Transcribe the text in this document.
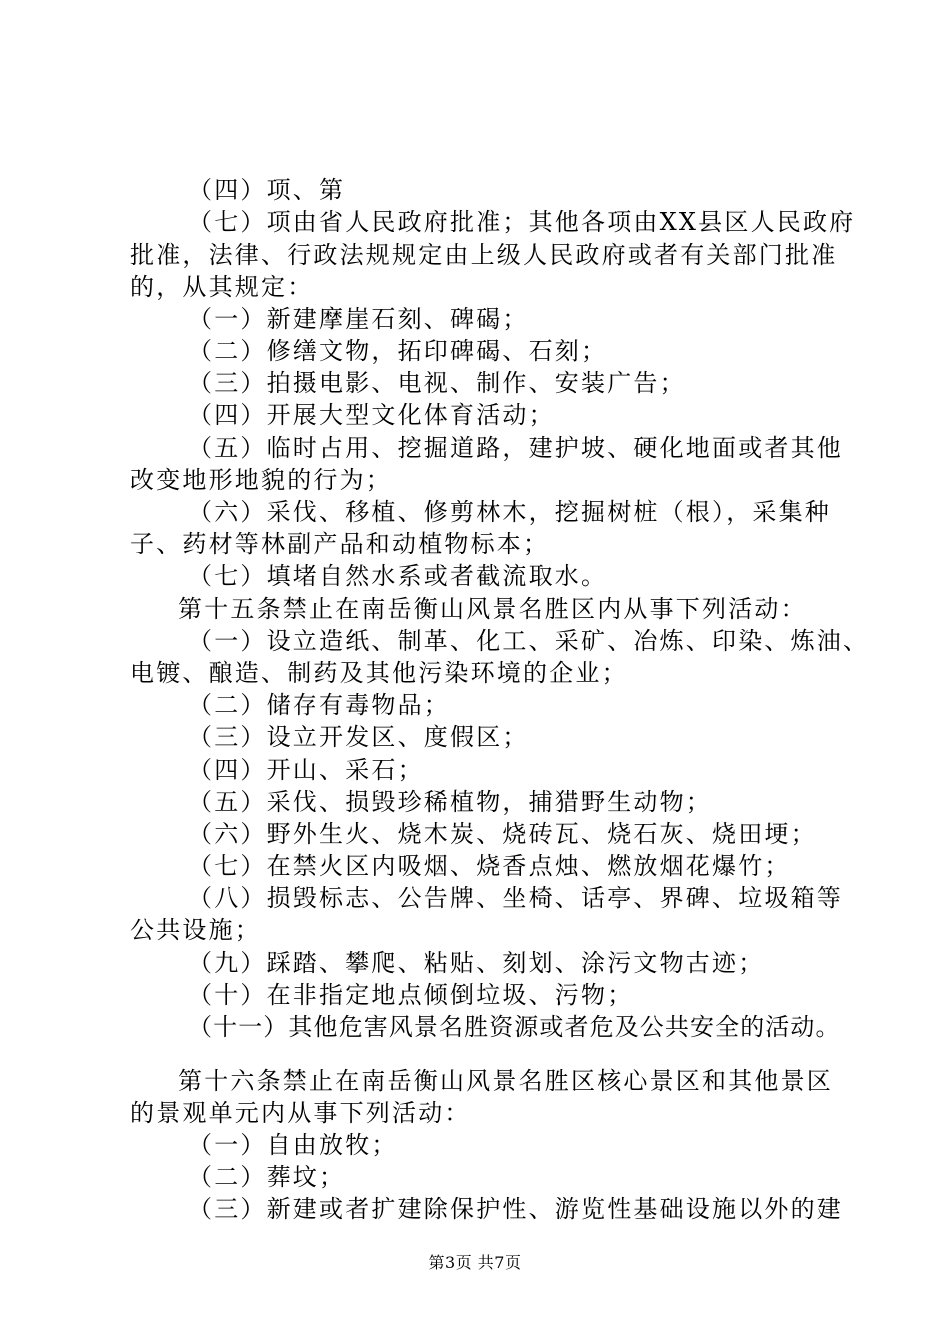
（四）项、第
（七）项由省人民政府批准；其他各项由XX县区人民政府
批准，法律、行政法规规定由上级人民政府或者有关部门批准
的，从其规定：
（一）新建摩崖石刻、碑碣；
（二）修缮文物，拓印碑碣、石刻；
（三）拍摄电影、电视、制作、安装广告；
（四）开展大型文化体育活动；
（五）临时占用、挖掘道路，建护坡、硬化地面或者其他
改变地形地貌的行为；
（六）采伐、移植、修剪林木，挖掘树桩（根），采集种
子、药材等林副产品和动植物标本；
（七）填堵自然水系或者截流取水。
第十五条禁止在南岳衡山风景名胜区内从事下列活动：
（一）设立造纸、制革、化工、采矿、冶炼、印染、炼油、
电镀、酿造、制药及其他污染环境的企业；
（二）储存有毒物品；
（三）设立开发区、度假区；
（四）开山、采石；
（五）采伐、损毁珍稀植物，捕猎野生动物；
（六）野外生火、烧木炭、烧砖瓦、烧石灰、烧田埂；
（七）在禁火区内吸烟、烧香点烛、燃放烟花爆竹；
（八）损毁标志、公告牌、坐椅、话亭、界碑、垃圾箱等
公共设施；
（九）踩踏、攀爬、粘贴、刻划、涂污文物古迹；
（十）在非指定地点倾倒垃圾、污物；
（十一）其他危害风景名胜资源或者危及公共安全的活动。
第十六条禁止在南岳衡山风景名胜区核心景区和其他景区
的景观单元内从事下列活动：
（一）自由放牧；
（二）葬坟；
（三）新建或者扩建除保护性、游览性基础设施以外的建
第3页 共7页
